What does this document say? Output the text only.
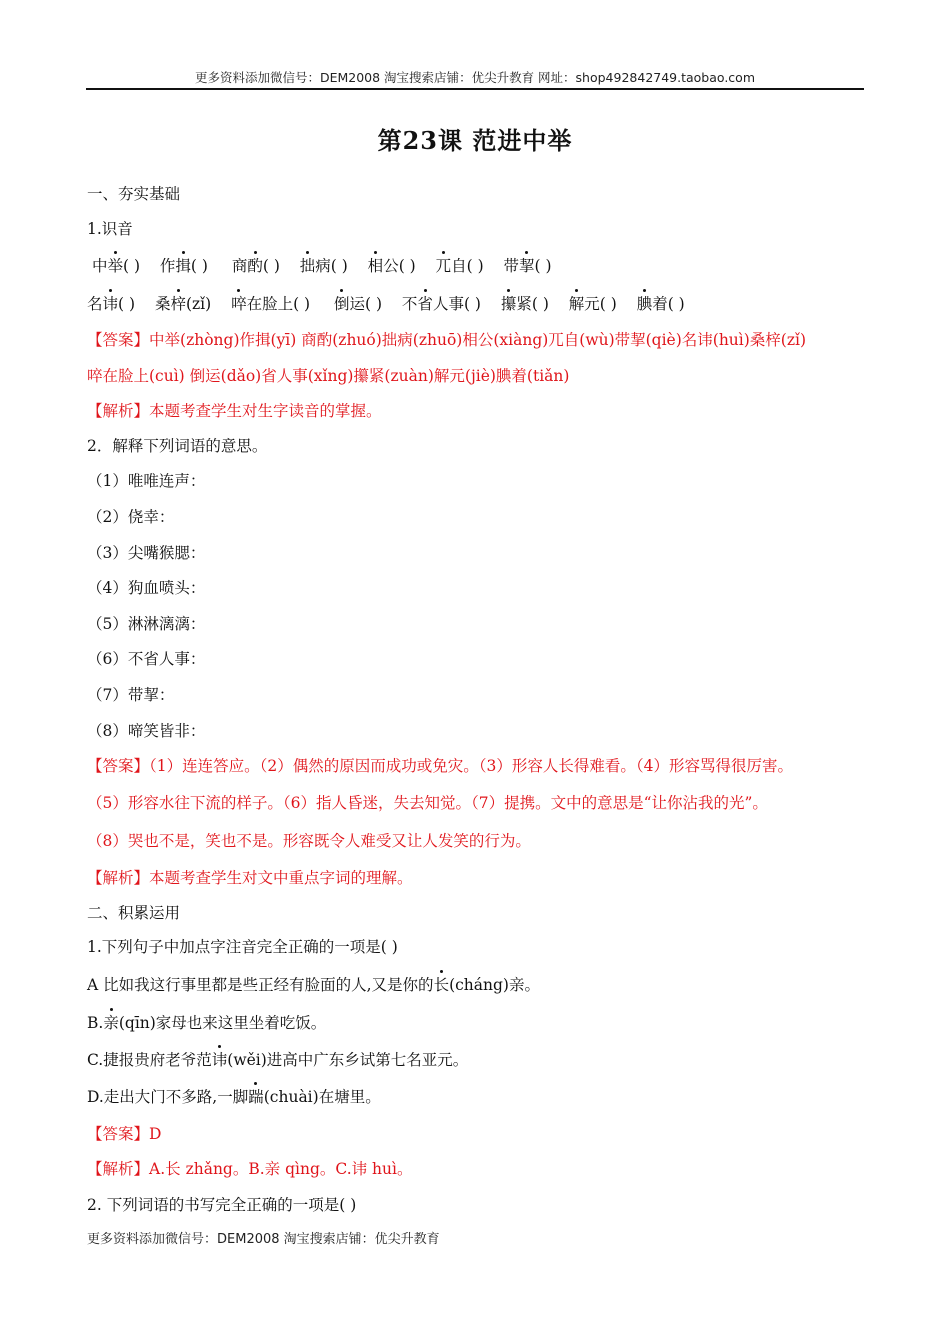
更多资料添加微信号：DEM2008 淘宝搜索店铺：优尖升教育 网址：shop492842749.taobao.com
第23课 范进中举
一、夯实基础
1.识音
中举( ) 作揖( ) 商酌( ) 拙病( ) 相公( ) 兀自( ) 带挈( )
名讳( ) 桑梓(zǐ) 啐在脸上( ) 倒运( ) 不省人事( ) 攥紧( ) 解元( ) 腆着( )
【答案】中举(zhòng)作揖(yī) 商酌(zhuó)拙病(zhuō)相公(xiàng)兀自(wù)带挈(qiè)名讳(huì)桑梓(zǐ)
啐在脸上(cuì) 倒运(dǎo)省人事(xǐng)攥紧(zuàn)解元(jiè)腆着(tiǎn)
【解析】本题考查学生对生字读音的掌握。
2．解释下列词语的意思。
（1）唯唯连声：
（2）侥幸：
（3）尖嘴猴腮：
（4）狗血喷头：
（5）淋淋漓漓：
（6）不省人事：
（7）带挈：
（8）啼笑皆非：
【答案】（1）连连答应。（2）偶然的原因而成功或免灾。（3）形容人长得难看。（4）形容骂得很厉害。
（5）形容水往下流的样子。（6）指人昏迷，失去知觉。（7）提携。文中的意思是“让你沾我的光”。
（8）哭也不是，笑也不是。形容既令人难受又让人发笑的行为。
【解析】本题考查学生对文中重点字词的理解。
二、积累运用
1.下列句子中加点字注音完全正确的一项是( )
A 比如我这行事里都是些正经有脸面的人,又是你的长(cháng)亲。
B.亲(qīn)家母也来这里坐着吃饭。
C.捷报贵府老爷范讳(wěi)进高中广东乡试第七名亚元。
D.走出大门不多路,一脚踹(chuài)在塘里。
【答案】D
【解析】A.长 zhǎng。B.亲 qìng。C.讳 huì。
2. 下列词语的书写完全正确的一项是( )
更多资料添加微信号：DEM2008 淘宝搜索店铺：优尖升教育
